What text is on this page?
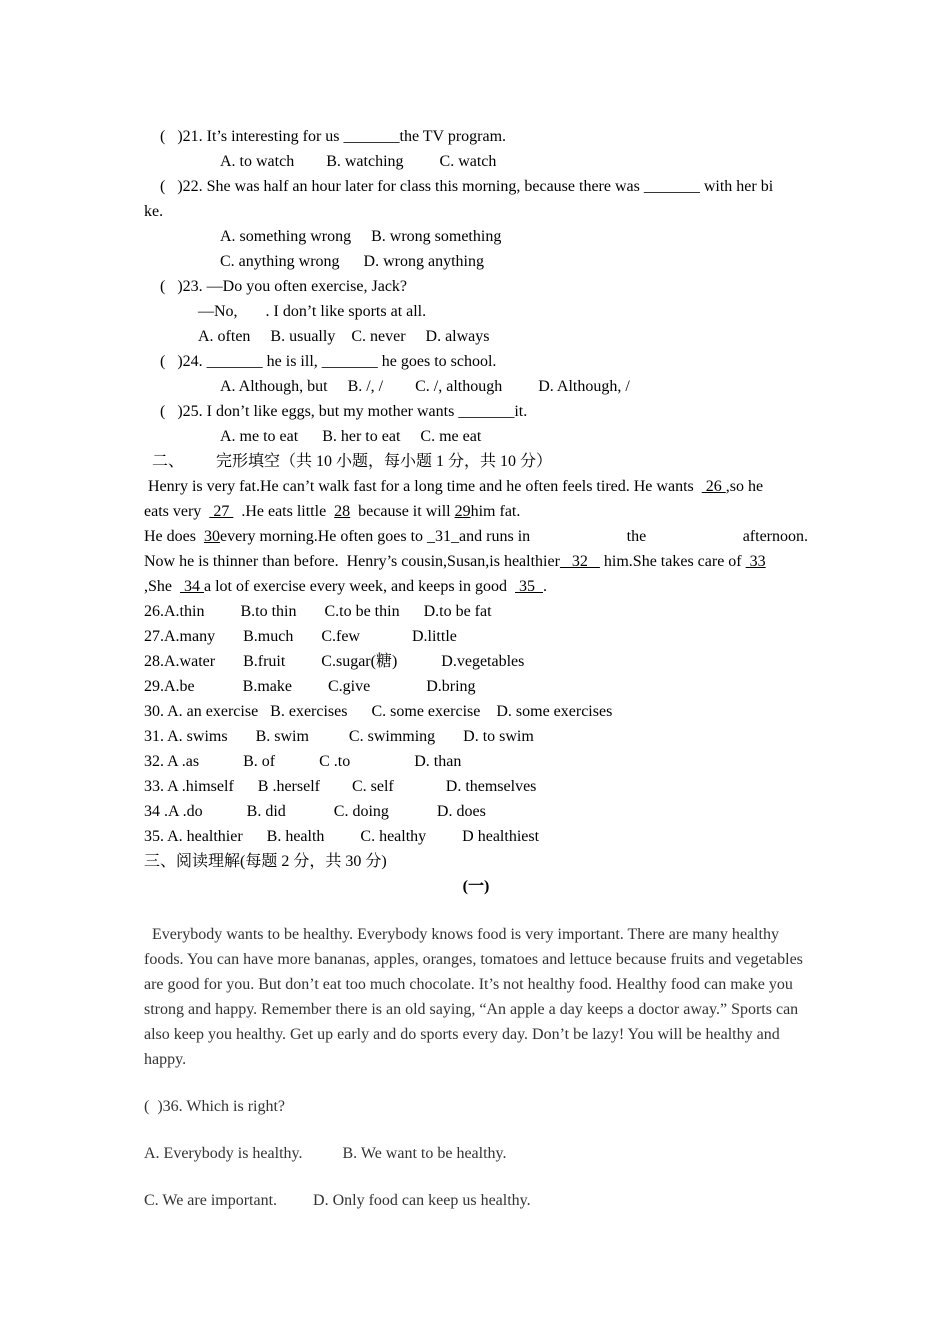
(   )21. It’s interesting for us _______the TV program.
A. to watch        B. watching         C. watch
(   )22. She was half an hour later for class this morning, because there was _______ with her bi
ke.
A. something wrong     B. wrong something
C. anything wrong      D. wrong anything
(   )23. —Do you often exercise, Jack?
—No,       . I don’t like sports at all.
A. often     B. usually    C. never     D. always
(   )24. _______ he is ill, _______ he goes to school.
A. Although, but     B. /, /        C. /, although         D. Although, /
(   )25. I don’t like eggs, but my mother wants _______it.
A. me to eat      B. her to eat     C. me eat
二、        完形填空（共 10 小题，每小题 1 分，共 10 分）
Henry is very fat.He can’t walk fast for a long time and he often feels tired. He wants   26 ,so he
eats very   27   .He eats little  28  because it will 29him fat.
He does 30 every morning.He often goes to _31_and runs in	the	afternoon.
Now he is thinner than before.  Henry’s cousin,Susan,is healthier   32    him.She takes care of  33
,She   34 a lot of exercise every week, and keeps in good   35  .
26.A.thin         B.to thin       C.to be thin      D.to be fat
27.A.many       B.much       C.few             D.little
28.A.water       B.fruit         C.sugar(糖)           D.vegetables
29.A.be            B.make         C.give              D.bring
30. A. an exercise   B. exercises      C. some exercise    D. some exercises
31. A. swims       B. swim          C. swimming       D. to swim
32. A .as           B. of           C .to                D. than
33. A .himself      B .herself        C. self             D. themselves
34 .A .do           B. did            C. doing            D. does
35. A. healthier      B. health         C. healthy         D healthiest
三、阅读理解(每题 2 分，共 30 分)
(一)
Everybody wants to be healthy. Everybody knows food is very important. There are many healthy foods. You can have more bananas, apples, oranges, tomatoes and lettuce because fruits and vegetables are good for you. But don’t eat too much chocolate. It’s not healthy food. Healthy food can make you strong and happy. Remember there is an old saying, “An apple a day keeps a doctor away.” Sports can also keep you healthy. Get up early and do sports every day. Don’t be lazy! You will be healthy and happy.
(  )36. Which is right?
A. Everybody is healthy.          B. We want to be healthy.
C. We are important.         D. Only food can keep us healthy.
